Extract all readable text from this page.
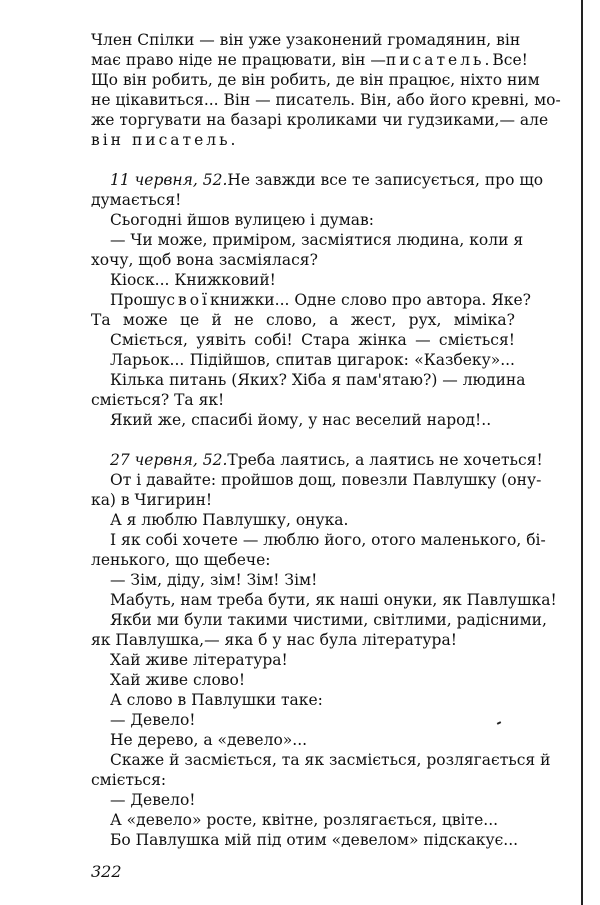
Член Спілки — він уже узаконений громадянин, він
має право ніде не працювати, він — писатель. Все!
Що він робить, де він робить, де він працює, ніхто ним
не цікавиться... Він — писатель. Він, або його кревні, мо-
же торгувати на базарі кроликами чи гудзиками,— але
він писатель.
11 червня, 52. Не завжди все те записується, про що
думається!
Сьогодні йшов вулицею і думав:
— Чи може, приміром, засміятися людина, коли я
хочу, щоб вона засміялася?
Кіоск... Книжковий!
Прошу свої книжки... Одне слово про автора. Яке?
Та може це й не слово, а жест, рух, міміка?
Сміється, уявіть собі! Стара жінка — сміється!
Ларьок... Підійшов, спитав цигарок: «Казбеку»...
Кілька питань (Яких? Хіба я пам'ятаю?) — людина
сміється? Та як!
Який же, спасибі йому, у нас веселий народ!..
27 червня, 52. Треба лаятись, а лаятись не хочеться!
От і давайте: пройшов дощ, повезли Павлушку (ону-
ка) в Чигирин!
А я люблю Павлушку, онука.
І як собі хочете — люблю його, отого маленького, бі-
ленького, що щебече:
— Зім, діду, зім! Зім! Зім!
Мабуть, нам треба бути, як наші онуки, як Павлушка!
Якби ми були такими чистими, світлими, радісними,
як Павлушка,— яка б у нас була література!
Хай живе література!
Хай живе слово!
А слово в Павлушки таке:
— Девело!
Не дерево, а «девело»...
Скаже й засміється, та як засміється, розлягається й
сміється:
— Девело!
А «девело» росте, квітне, розлягається, цвіте...
Бо Павлушка мій під отим «девелом» підскакує...
322
